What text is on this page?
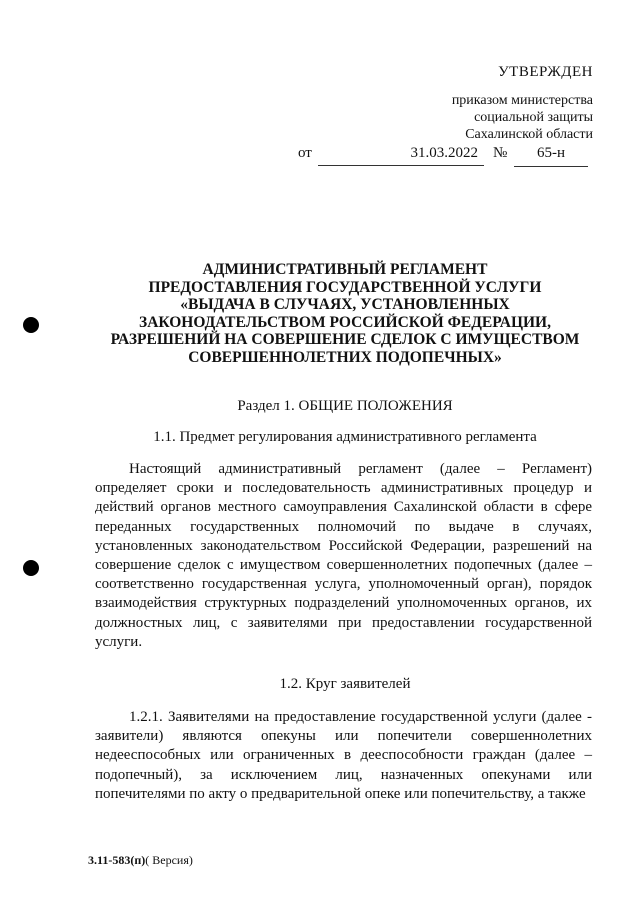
УТВЕРЖДЕН
приказом министерства
социальной защиты
Сахалинской области
от	31.03.2022	№	65-н
АДМИНИСТРАТИВНЫЙ РЕГЛАМЕНТ
ПРЕДОСТАВЛЕНИЯ ГОСУДАРСТВЕННОЙ УСЛУГИ
«ВЫДАЧА В СЛУЧАЯХ, УСТАНОВЛЕННЫХ
ЗАКОНОДАТЕЛЬСТВОМ РОССИЙСКОЙ ФЕДЕРАЦИИ,
РАЗРЕШЕНИЙ НА СОВЕРШЕНИЕ СДЕЛОК С ИМУЩЕСТВОМ
СОВЕРШЕННОЛЕТНИХ ПОДОПЕЧНЫХ»
Раздел 1. ОБЩИЕ ПОЛОЖЕНИЯ
1.1. Предмет регулирования административного регламента
Настоящий административный регламент (далее – Регламент) определяет сроки и последовательность административных процедур и действий органов местного самоуправления Сахалинской области в сфере переданных государственных полномочий по выдаче в случаях, установленных законодательством Российской Федерации, разрешений на совершение сделок с имуществом совершеннолетних подопечных (далее – соответственно государственная услуга, уполномоченный орган), порядок взаимодействия структурных подразделений уполномоченных органов, их должностных лиц, с заявителями при предоставлении государственной услуги.
1.2. Круг заявителей
1.2.1. Заявителями на предоставление государственной услуги (далее - заявители) являются опекуны или попечители совершеннолетних недееспособных или ограниченных в дееспособности граждан (далее – подопечный), за исключением лиц, назначенных опекунами или попечителями по акту о предварительной опеке или попечительству, а также
3.11-583(п)( Версия)
